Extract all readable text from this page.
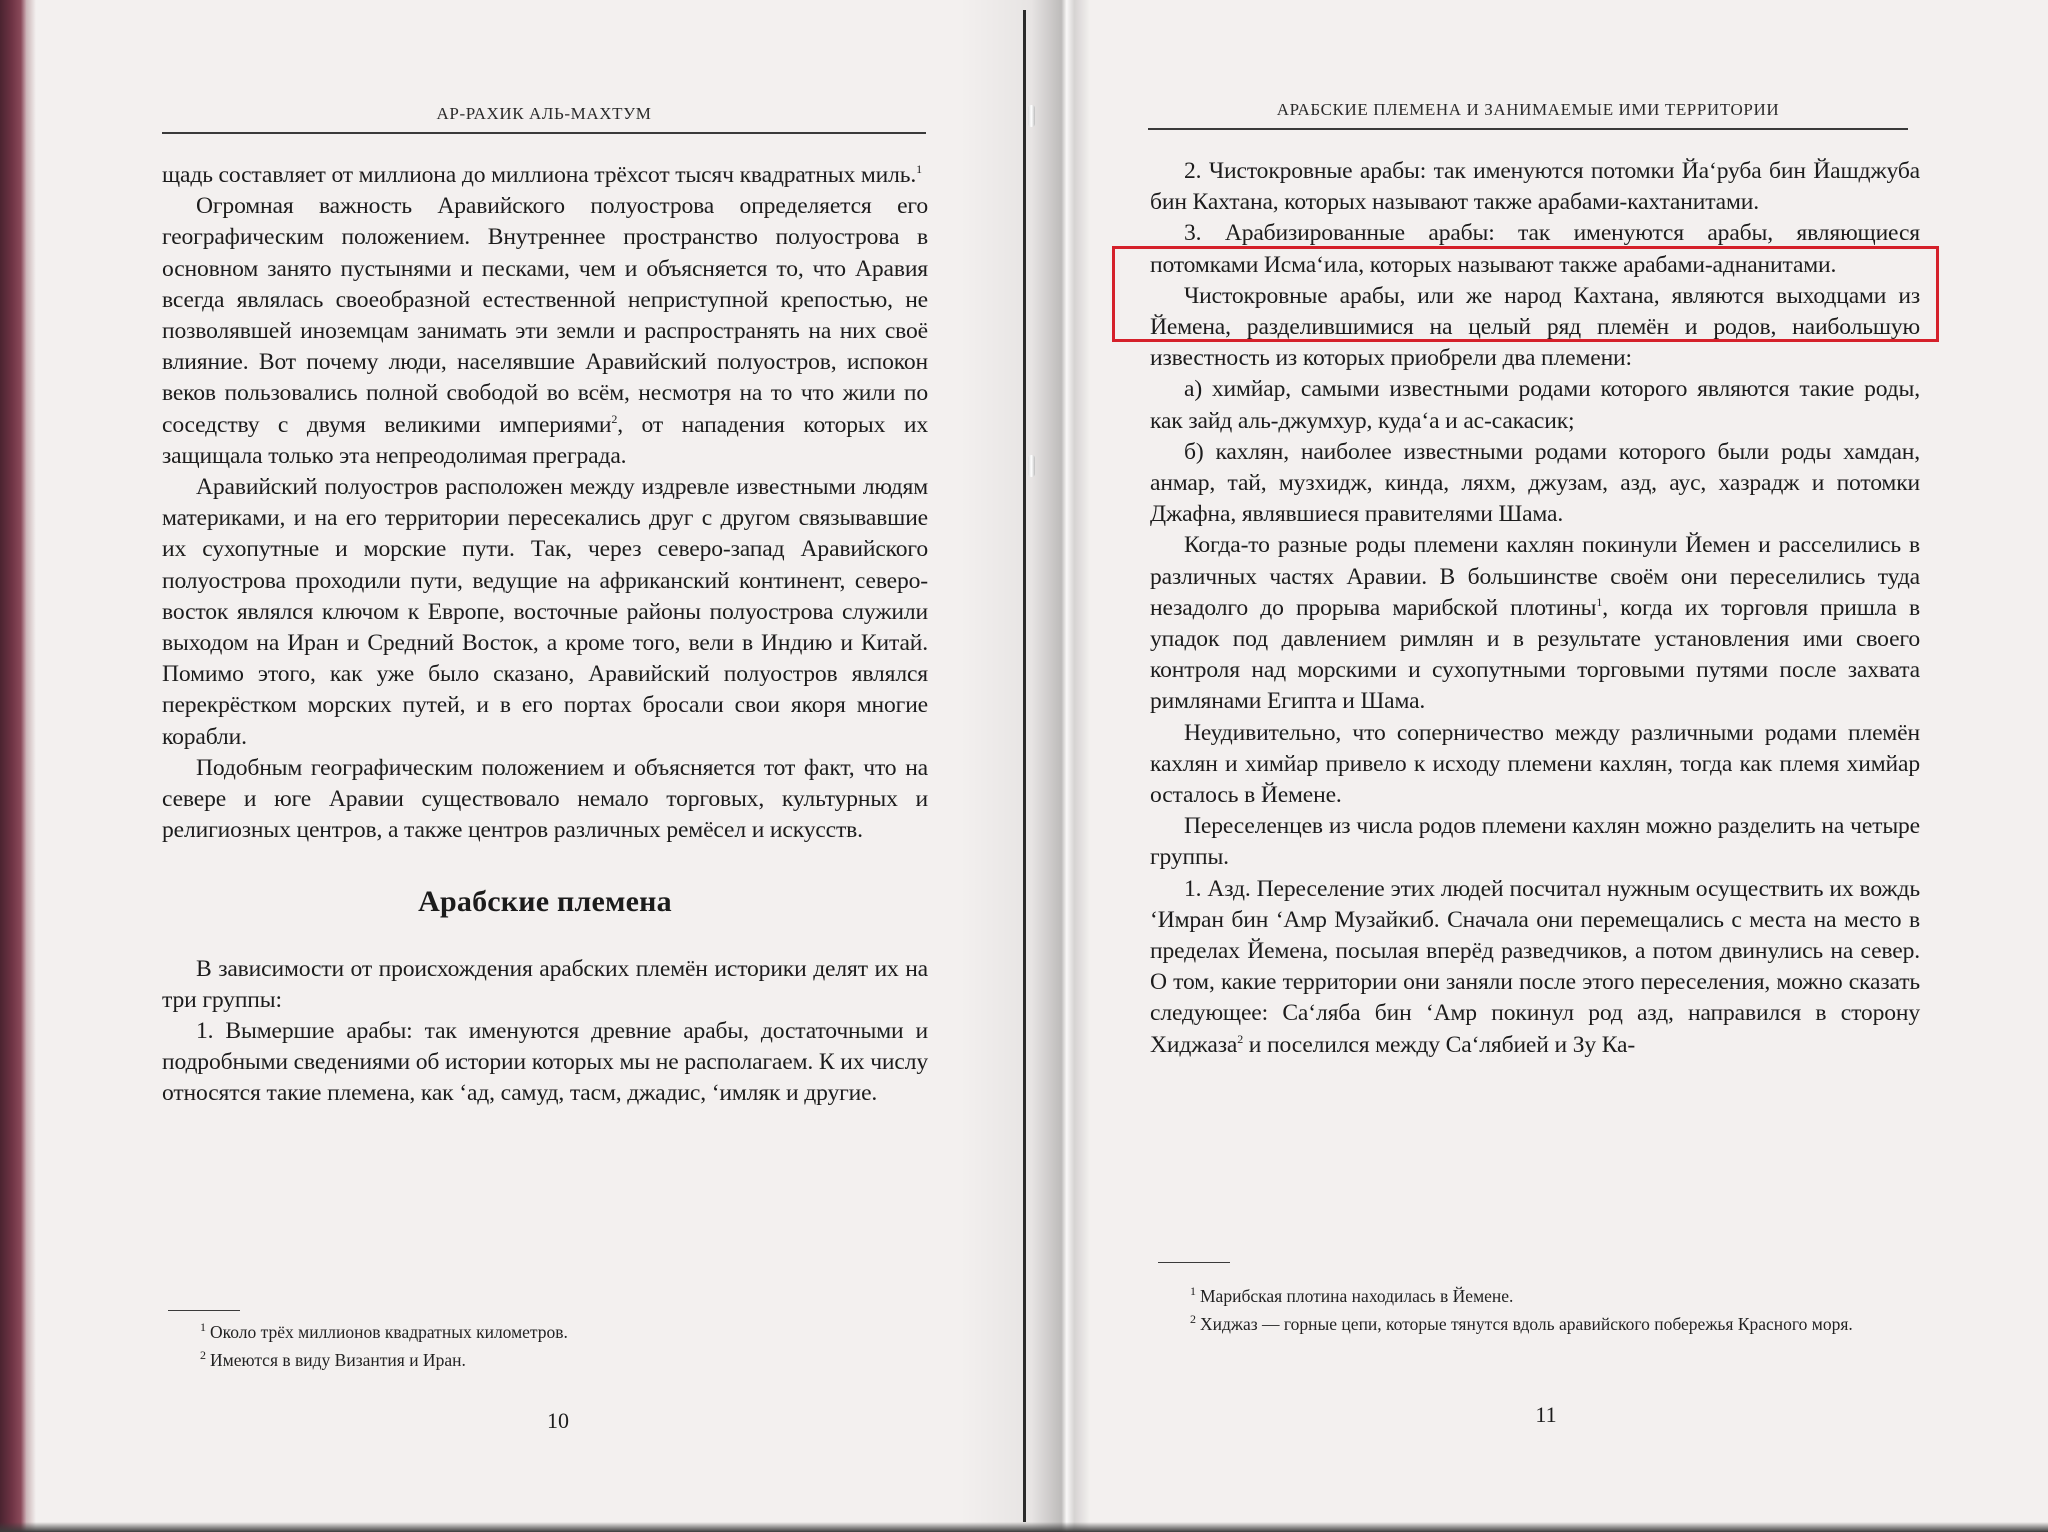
АР-РАХИК АЛЬ-МАХТУМ

щадь составляет от миллиона до миллиона трёхсот тысяч квадратных миль.$^1$

Огромная важность Аравийского полуострова определяется его географическим положением. Внутреннее пространство полуострова в основном занято пустынями и песками, чем и объясняется то, что Аравия всегда являлась своеобразной естественной неприступной крепостью, не позволявшей иноземцам занимать эти земли и распространять на них своё влияние. Вот почему люди, населявшие Аравийский полуостров, испокон веков пользовались полной свободой во всём, несмотря на то что жили по соседству с двумя великими империями$^2$, от нападения которых их защищала только эта непреодолимая преграда.

Аравийский полуостров расположен между издревле известными людям материками, и на его территории пересекались друг с другом связывавшие их сухопутные и морские пути. Так, через северо-запад Аравийского полуострова проходили пути, ведущие на африканский континент, северо-восток являлся ключом к Европе, восточные районы полуострова служили выходом на Иран и Средний Восток, а кроме того, вели в Индию и Китай. Помимо этого, как уже было сказано, Аравийский полуостров являлся перекрёстком морских путей, и в его портах бросали свои якоря многие корабли.

Подобным географическим положением и объясняется тот факт, что на севере и юге Аравии существовало немало торговых, культурных и религиозных центров, а также центров различных ремёсел и искусств.

Арабские племена

В зависимости от происхождения арабских племён историки делят их на три группы:

1. Вымершие арабы: так именуются древние арабы, достаточными и подробными сведениями об истории которых мы не располагаем. К их числу относятся такие племена, как ‘ад, самуд, тасм, джадис, ‘имляк и другие.

$^1$ Около трёх миллионов квадратных километров.

$^2$ Имеются в виду Византия и Иран.

10
АРАБСКИЕ ПЛЕМЕНА И ЗАНИМАЕМЫЕ ИМИ ТЕРРИТОРИИ

2. Чистокровные арабы: так именуются потомки Йа‘руба бин Йашджуба бин Кахтана, которых называют также арабами-кахтанитами.

3. Арабизированные арабы: так именуются арабы, являющиеся потомками Исма‘ила, которых называют также арабами-аднанитами.

Чистокровные арабы, или же народ Кахтана, являются выходцами из Йемена, разделившимися на целый ряд племён и родов, наибольшую известность из которых приобрели два племени:

а) химйар, самыми известными родами которого являются такие роды, как зайд аль-джумхур, куда‘а и ас-сакасик;

б) кахлян, наиболее известными родами которого были роды хамдан, анмар, тай, музхидж, кинда, ляхм, джузам, азд, аус, хазрадж и потомки Джафна, являвшиеся правителями Шама.

Когда-то разные роды племени кахлян покинули Йемен и расселились в различных частях Аравии. В большинстве своём они переселились туда незадолго до прорыва марибской плотины$^1$, когда их торговля пришла в упадок под давлением римлян и в результате установления ими своего контроля над морскими и сухопутными торговыми путями после захвата римлянами Египта и Шама.

Неудивительно, что соперничество между различными родами племён кахлян и химйар привело к исходу племени кахлян, тогда как племя химйар осталось в Йемене.

Переселенцев из числа родов племени кахлян можно разделить на четыре группы.

1. Азд. Переселение этих людей посчитал нужным осуществить их вождь ‘Имран бин ‘Амр Музайкиб. Сначала они перемещались с места на место в пределах Йемена, посылая вперёд разведчиков, а потом двинулись на север. О том, какие территории они заняли после этого переселения, можно сказать следующее: Са‘ляба бин ‘Амр покинул род азд, направился в сторону Хиджаза$^2$ и поселился между Са‘лябией и Зу Ка-

$^1$ Марибская плотина находилась в Йемене.

$^2$ Хиджаз — горные цепи, которые тянутся вдоль аравийского побережья Красного моря.

11
